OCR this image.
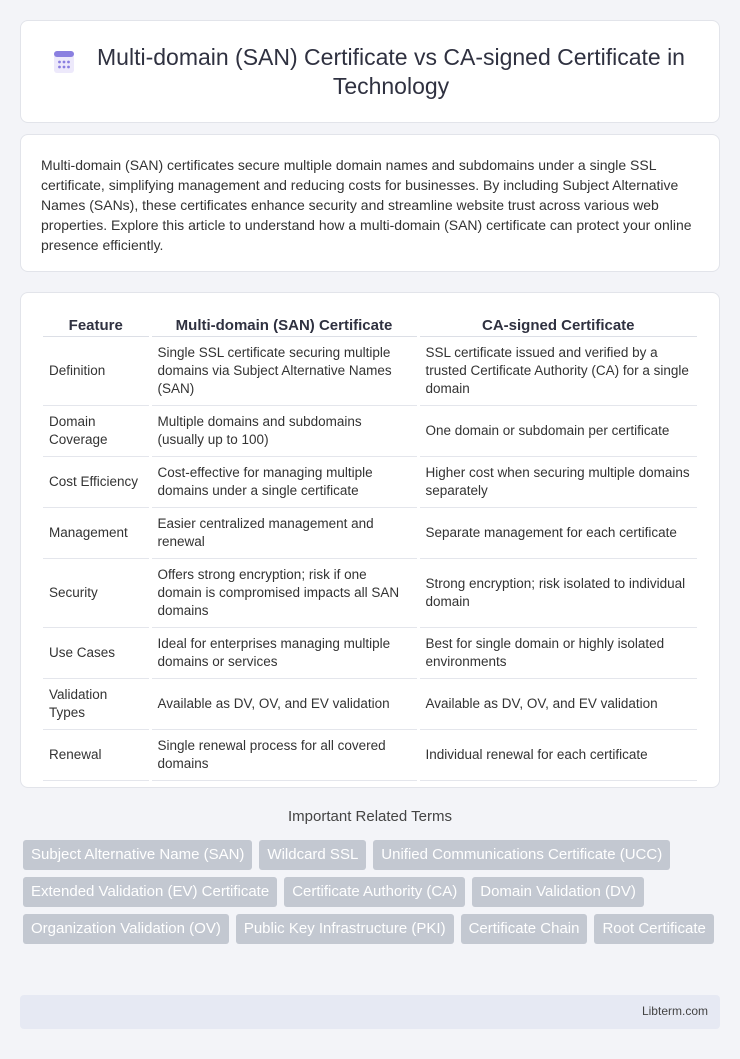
Multi-domain (SAN) Certificate vs CA-signed Certificate in Technology

Multi-domain (SAN) certificates secure multiple domain names and subdomains under a single SSL certificate, simplifying management and reducing costs for businesses. By including Subject Alternative Names (SANs), these certificates enhance security and streamline website trust across various web properties. Explore this article to understand how a multi-domain (SAN) certificate can protect your online presence efficiently.

Feature	Multi-domain (SAN) Certificate	CA-signed Certificate
Definition	Single SSL certificate securing multiple domains via Subject Alternative Names (SAN)	SSL certificate issued and verified by a trusted Certificate Authority (CA) for a single domain
Domain Coverage	Multiple domains and subdomains (usually up to 100)	One domain or subdomain per certificate
Cost Efficiency	Cost-effective for managing multiple domains under a single certificate	Higher cost when securing multiple domains separately
Management	Easier centralized management and renewal	Separate management for each certificate
Security	Offers strong encryption; risk if one domain is compromised impacts all SAN domains	Strong encryption; risk isolated to individual domain
Use Cases	Ideal for enterprises managing multiple domains or services	Best for single domain or highly isolated environments
Validation Types	Available as DV, OV, and EV validation	Available as DV, OV, and EV validation
Renewal	Single renewal process for all covered domains	Individual renewal for each certificate
Important Related Terms
Subject Alternative Name (SAN)	Wildcard SSL	Unified Communications Certificate (UCC)
Extended Validation (EV) Certificate	Certificate Authority (CA)	Domain Validation (DV)
Organization Validation (OV)	Public Key Infrastructure (PKI)	Certificate Chain	Root Certificate
Libterm.com
